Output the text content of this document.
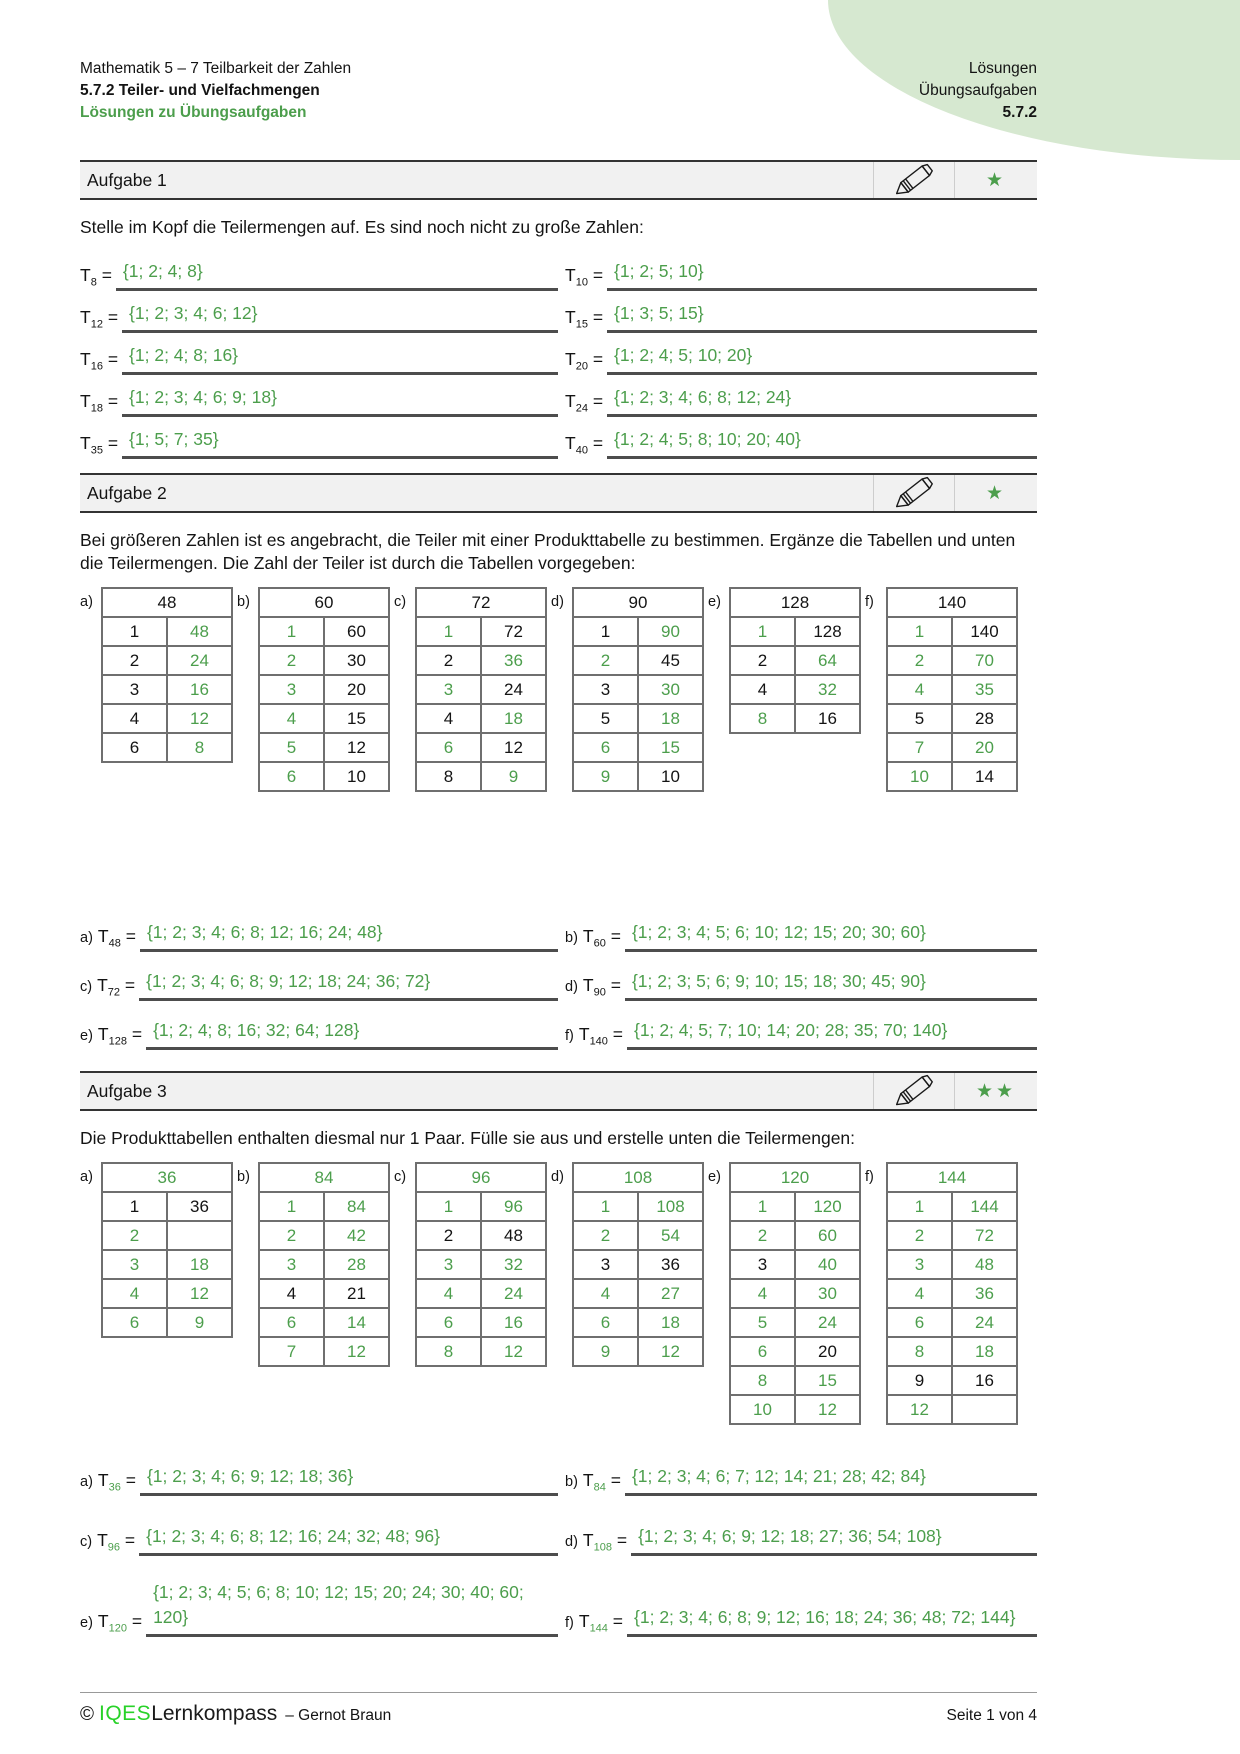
Mathematik 5 – 7 Teilbarkeit der Zahlen
5.7.2 Teiler- und Vielfachmengen
Lösungen zu Übungsaufgaben
Lösungen
Übungsaufgaben
5.7.2
Aufgabe 1	★

Stelle im Kopf die Teilermengen auf. Es sind noch nicht zu große Zahlen:

$T_8 = \{1$; 2; 4; 8}	$T_{10} = \{1$; 2; 5; 10}
$T_{12} = \{1$; 2; 3; 4; 6; 12}	$T_{15} = \{1$; 3; 5; 15}
$T_{16} = \{1$; 2; 4; 8; 16}	$T_{20} = \{1$; 2; 4; 5; 10; 20}
$T_{18} = \{1$; 2; 3; 4; 6; 9; 18}	$T_{24} = \{1$; 2; 3; 4; 6; 8; 12; 24}
$T_{35} = \{1$; 5; 7; 35}	$T_{40} = \{1$; 2; 4; 5; 8; 10; 20; 40}
Aufgabe 2	★

Bei größeren Zahlen ist es angebracht, die Teiler mit einer Produkttabelle zu bestimmen. Ergänze die Tabellen und unten die Teilermengen. Die Zahl der Teiler ist durch die Tabellen vorgegeben:

a)	48	
1	48
2	24
3	16
4	12
6	8
b)	60	
1	60
2	30
3	20
4	15
5	12
6	10
c)	72	
1	72
2	36
3	24
4	18
6	12
8	9
d)	90	
1	90
2	45
3	30
5	18
6	15
9	10
e)	128	
1	128
2	64
4	32
8	16
f)	140	
1	140
2	70
4	35
5	28
7	20
10	14
a) $T_{48} = \{1$; 2; 3; 4; 6; 8; 12; 16; 24; 48}	b) $T_{60} = \{1$; 2; 3; 4; 5; 6; 10; 12; 15; 20; 30; 60}
c) $T_{72} = \{1$; 2; 3; 4; 6; 8; 9; 12; 18; 24; 36; 72}	d) $T_{90} = \{1$; 2; 3; 5; 6; 9; 10; 15; 18; 30; 45; 90}
e) $T_{128} = \{1$; 2; 4; 8; 16; 32; 64; 128}	f) $T_{140} = \{1$; 2; 4; 5; 7; 10; 14; 20; 28; 35; 70; 140}
Aufgabe 3	★★

Die Produkttabellen enthalten diesmal nur 1 Paar. Fülle sie aus und erstelle unten die Teilermengen:

a)	36	
1	36
2	
3	18
4	12
6	9
b)	84	
1	84
2	42
3	28
4	21
6	14
7	12
c)	96	
1	96
2	48
3	32
4	24
6	16
8	12
d)	108	
1	108
2	54
3	36
4	27
6	18
9	12
e)	120	
1	120
2	60
3	40
4	30
5	24
6	20
8	15
10	12
f)	144	
1	144
2	72
3	48
4	36
6	24
8	18
9	16
12	
a) $T_{36} = \{1$; 2; 3; 4; 6; 9; 12; 18; 36}	b) $T_{84} = \{1$; 2; 3; 4; 6; 7; 12; 14; 21; 28; 42; 84}
c) $T_{96} = \{1$; 2; 3; 4; 6; 8; 12; 16; 24; 32; 48; 96}	d) $T_{108} = \{1$; 2; 3; 4; 6; 9; 12; 18; 27; 36; 54; 108}
e) $T_{120}$ =
{1; 2; 3; 4; 5; 6; 8; 10; 12; 15; 20; 24; 30; 40; 60; 120}	f) $T_{144} = \{1$; 2; 3; 4; 6; 8; 9; 12; 16; 18; 24; 36; 48; 72; 144}
© IQES Lernkompass – Gernot Braun	Seite 1 von 4
